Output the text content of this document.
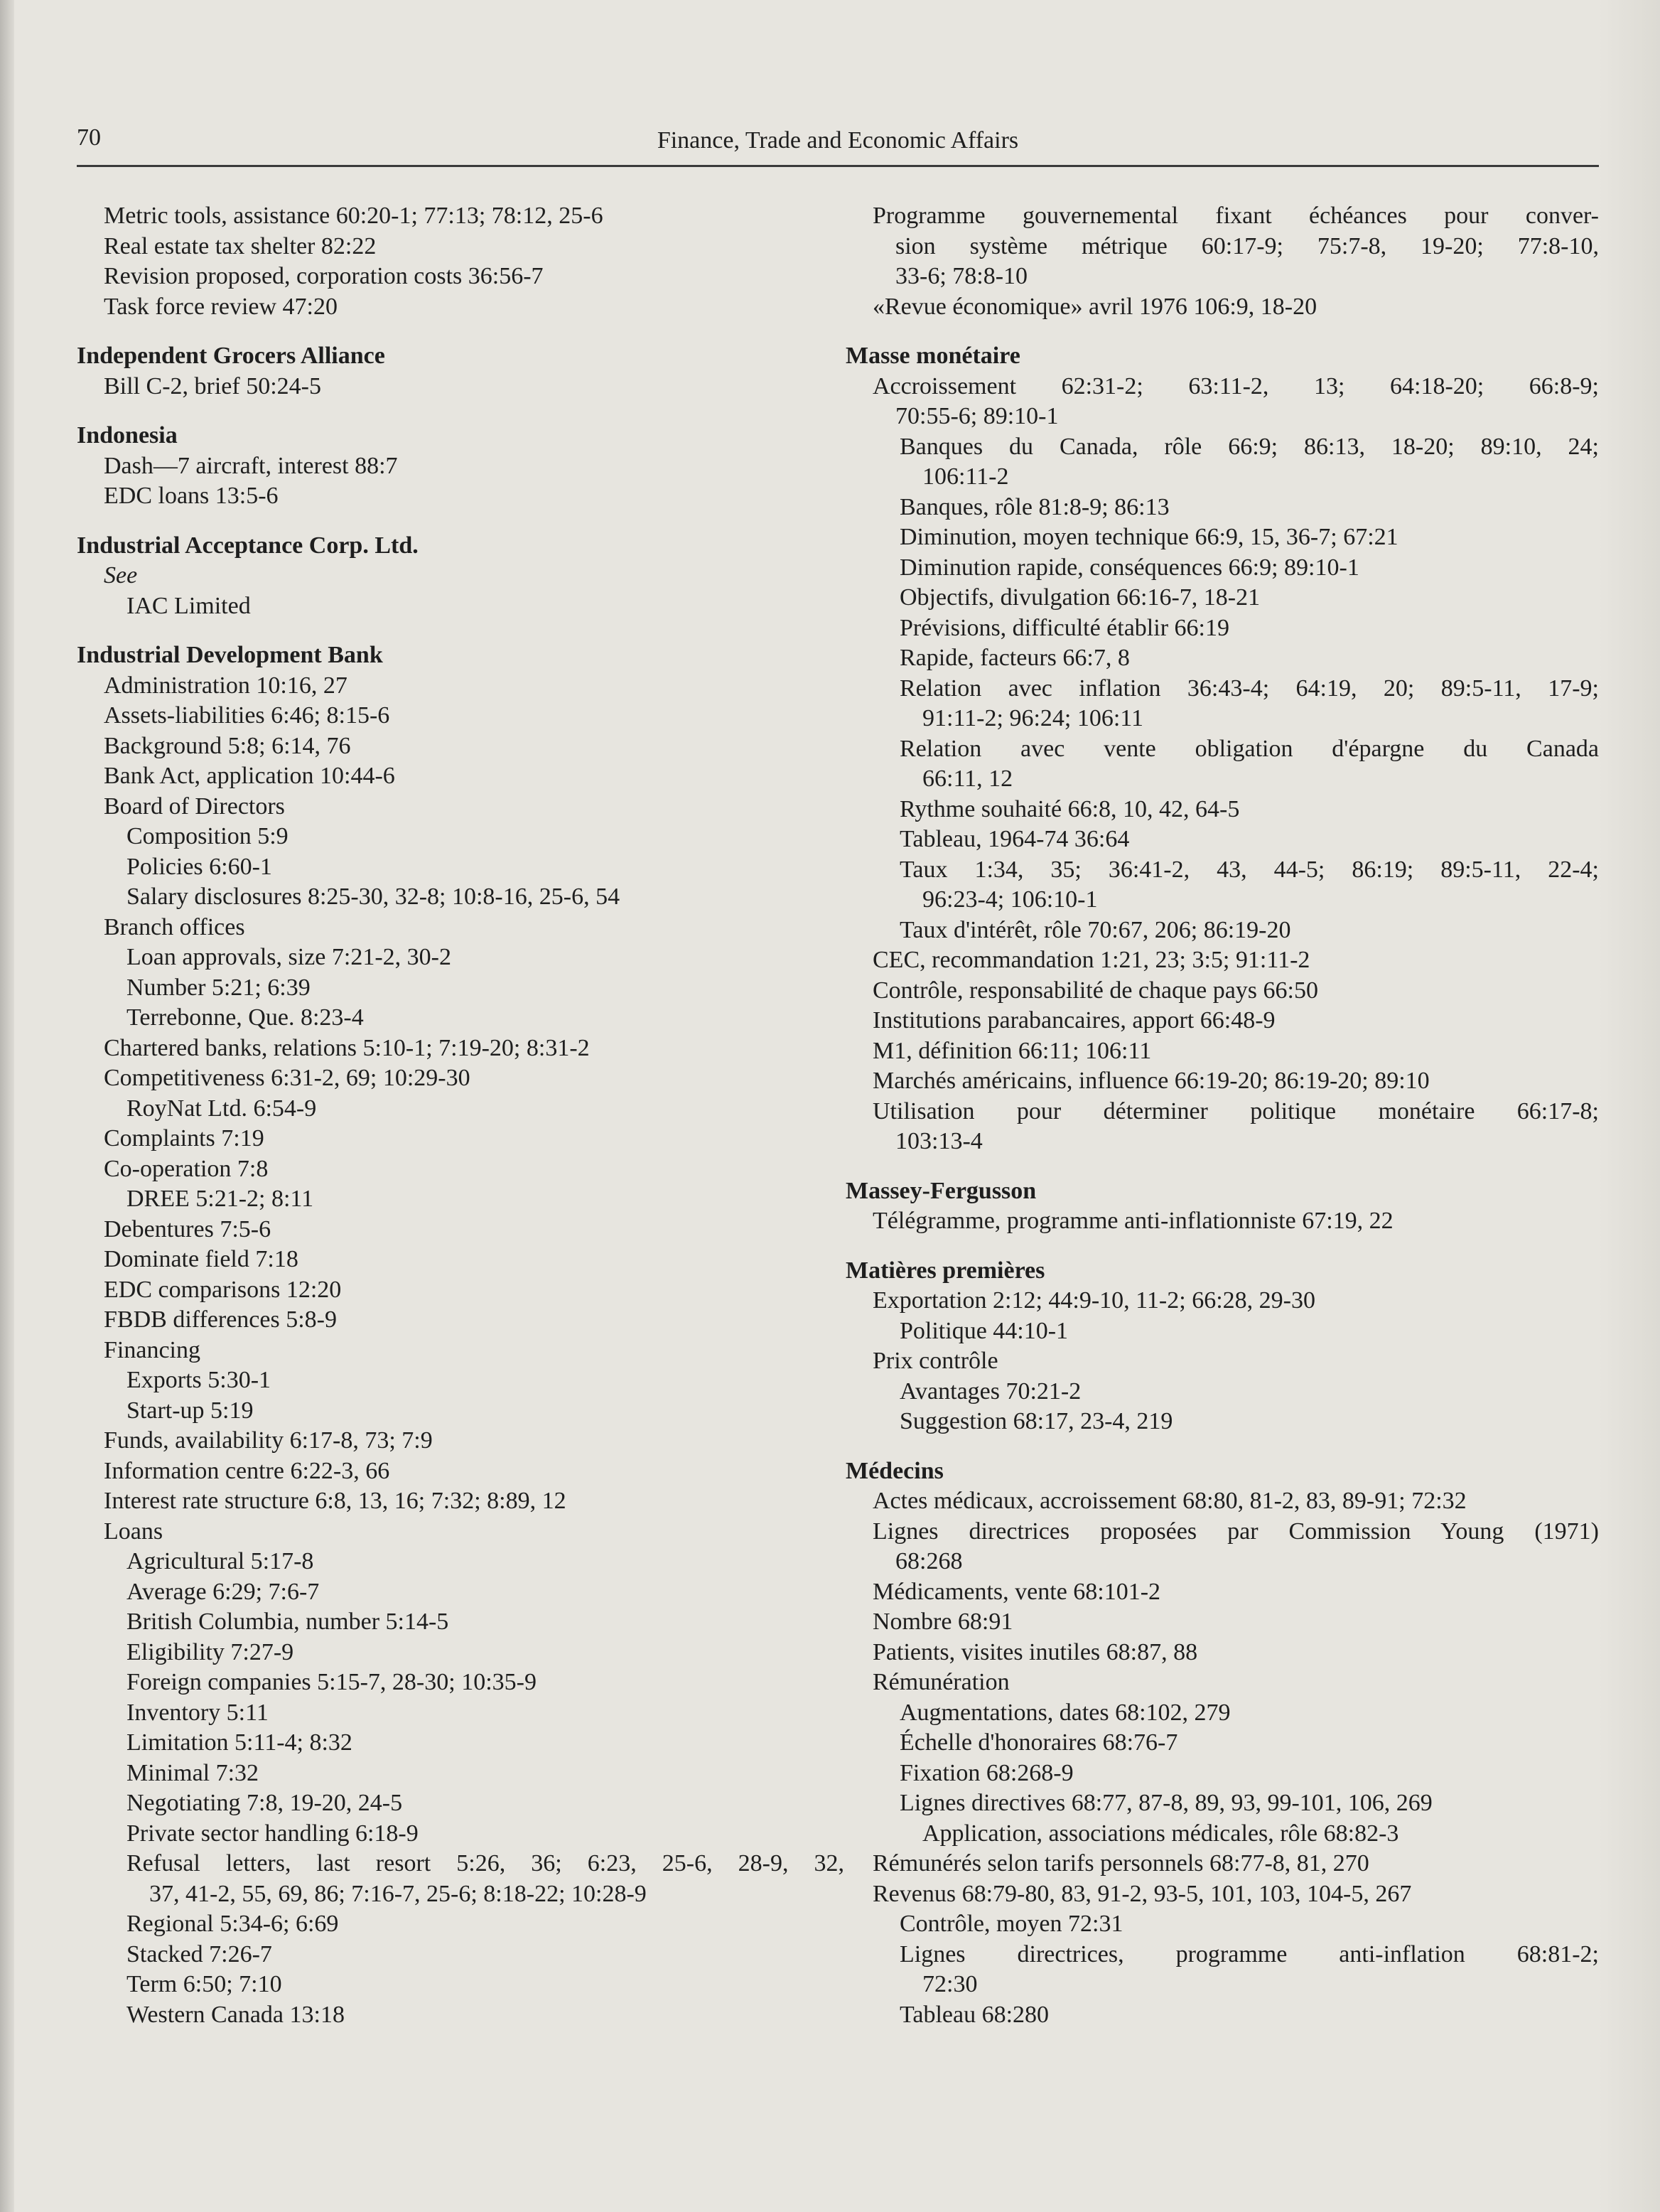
70	Finance, Trade and Economic Affairs
Metric tools, assistance 60:20-1; 77:13; 78:12, 25-6
Real estate tax shelter 82:22
Revision proposed, corporation costs 36:56-7
Task force review 47:20
Independent Grocers Alliance
Bill C-2, brief 50:24-5
Indonesia
Dash—7 aircraft, interest 88:7
EDC loans 13:5-6
Industrial Acceptance Corp. Ltd.
See
IAC Limited
Industrial Development Bank
Administration 10:16, 27
Assets-liabilities 6:46; 8:15-6
Background 5:8; 6:14, 76
Bank Act, application 10:44-6
Board of Directors
Composition 5:9
Policies 6:60-1
Salary disclosures 8:25-30, 32-8; 10:8-16, 25-6, 54
Branch offices
Loan approvals, size 7:21-2, 30-2
Number 5:21; 6:39
Terrebonne, Que. 8:23-4
Chartered banks, relations 5:10-1; 7:19-20; 8:31-2
Competitiveness 6:31-2, 69; 10:29-30
RoyNat Ltd. 6:54-9
Complaints 7:19
Co-operation 7:8
DREE 5:21-2; 8:11
Debentures 7:5-6
Dominate field 7:18
EDC comparisons 12:20
FBDB differences 5:8-9
Financing
Exports 5:30-1
Start-up 5:19
Funds, availability 6:17-8, 73; 7:9
Information centre 6:22-3, 66
Interest rate structure 6:8, 13, 16; 7:32; 8:89, 12
Loans
Agricultural 5:17-8
Average 6:29; 7:6-7
British Columbia, number 5:14-5
Eligibility 7:27-9
Foreign companies 5:15-7, 28-30; 10:35-9
Inventory 5:11
Limitation 5:11-4; 8:32
Minimal 7:32
Negotiating 7:8, 19-20, 24-5
Private sector handling 6:18-9
Refusal letters, last resort 5:26, 36; 6:23, 25-6, 28-9, 32,
37, 41-2, 55, 69, 86; 7:16-7, 25-6; 8:18-22; 10:28-9
Regional 5:34-6; 6:69
Stacked 7:26-7
Term 6:50; 7:10
Western Canada 13:18
Programme gouvernemental fixant échéances pour conver-
sion système métrique 60:17-9; 75:7-8, 19-20; 77:8-10,
33-6; 78:8-10
«Revue économique» avril 1976 106:9, 18-20
Masse monétaire
Accroissement 62:31-2; 63:11-2, 13; 64:18-20; 66:8-9;
70:55-6; 89:10-1
Banques du Canada, rôle 66:9; 86:13, 18-20; 89:10, 24;
106:11-2
Banques, rôle 81:8-9; 86:13
Diminution, moyen technique 66:9, 15, 36-7; 67:21
Diminution rapide, conséquences 66:9; 89:10-1
Objectifs, divulgation 66:16-7, 18-21
Prévisions, difficulté établir 66:19
Rapide, facteurs 66:7, 8
Relation avec inflation 36:43-4; 64:19, 20; 89:5-11, 17-9;
91:11-2; 96:24; 106:11
Relation avec vente obligation d'épargne du Canada
66:11, 12
Rythme souhaité 66:8, 10, 42, 64-5
Tableau, 1964-74 36:64
Taux 1:34, 35; 36:41-2, 43, 44-5; 86:19; 89:5-11, 22-4;
96:23-4; 106:10-1
Taux d'intérêt, rôle 70:67, 206; 86:19-20
CEC, recommandation 1:21, 23; 3:5; 91:11-2
Contrôle, responsabilité de chaque pays 66:50
Institutions parabancaires, apport 66:48-9
M1, définition 66:11; 106:11
Marchés américains, influence 66:19-20; 86:19-20; 89:10
Utilisation pour déterminer politique monétaire 66:17-8;
103:13-4
Massey-Fergusson
Télégramme, programme anti-inflationniste 67:19, 22
Matières premières
Exportation 2:12; 44:9-10, 11-2; 66:28, 29-30
Politique 44:10-1
Prix contrôle
Avantages 70:21-2
Suggestion 68:17, 23-4, 219
Médecins
Actes médicaux, accroissement 68:80, 81-2, 83, 89-91; 72:32
Lignes directrices proposées par Commission Young (1971)
68:268
Médicaments, vente 68:101-2
Nombre 68:91
Patients, visites inutiles 68:87, 88
Rémunération
Augmentations, dates 68:102, 279
Échelle d'honoraires 68:76-7
Fixation 68:268-9
Lignes directives 68:77, 87-8, 89, 93, 99-101, 106, 269
Application, associations médicales, rôle 68:82-3
Rémunérés selon tarifs personnels 68:77-8, 81, 270
Revenus 68:79-80, 83, 91-2, 93-5, 101, 103, 104-5, 267
Contrôle, moyen 72:31
Lignes directrices, programme anti-inflation 68:81-2;
72:30
Tableau 68:280
